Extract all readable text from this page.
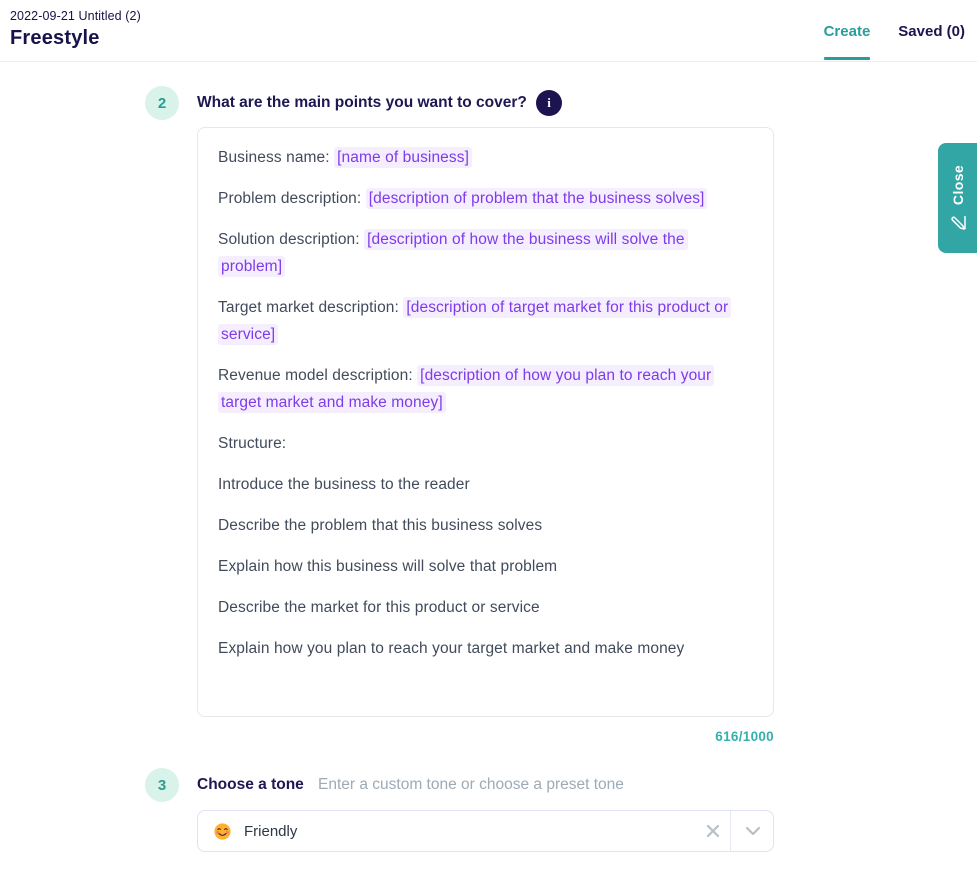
2022-09-21 Untitled (2)
Freestyle	Create Saved (0)
2	What are the main points you want to cover?	i

Business name: [name of business]

Problem description: [description of problem that the business solves]

Solution description: [description of how the business will solve the problem]

Target market description: [description of target market for this product or service]

Revenue model description: [description of how you plan to reach your target market and make money]

Structure:

Introduce the business to the reader

Describe the problem that this business solves

Explain how this business will solve that problem

Describe the market for this product or service

Explain how you plan to reach your target market and make money

616/1000
3	Choose a tone Enter a custom tone or choose a preset tone
Friendly
Close
